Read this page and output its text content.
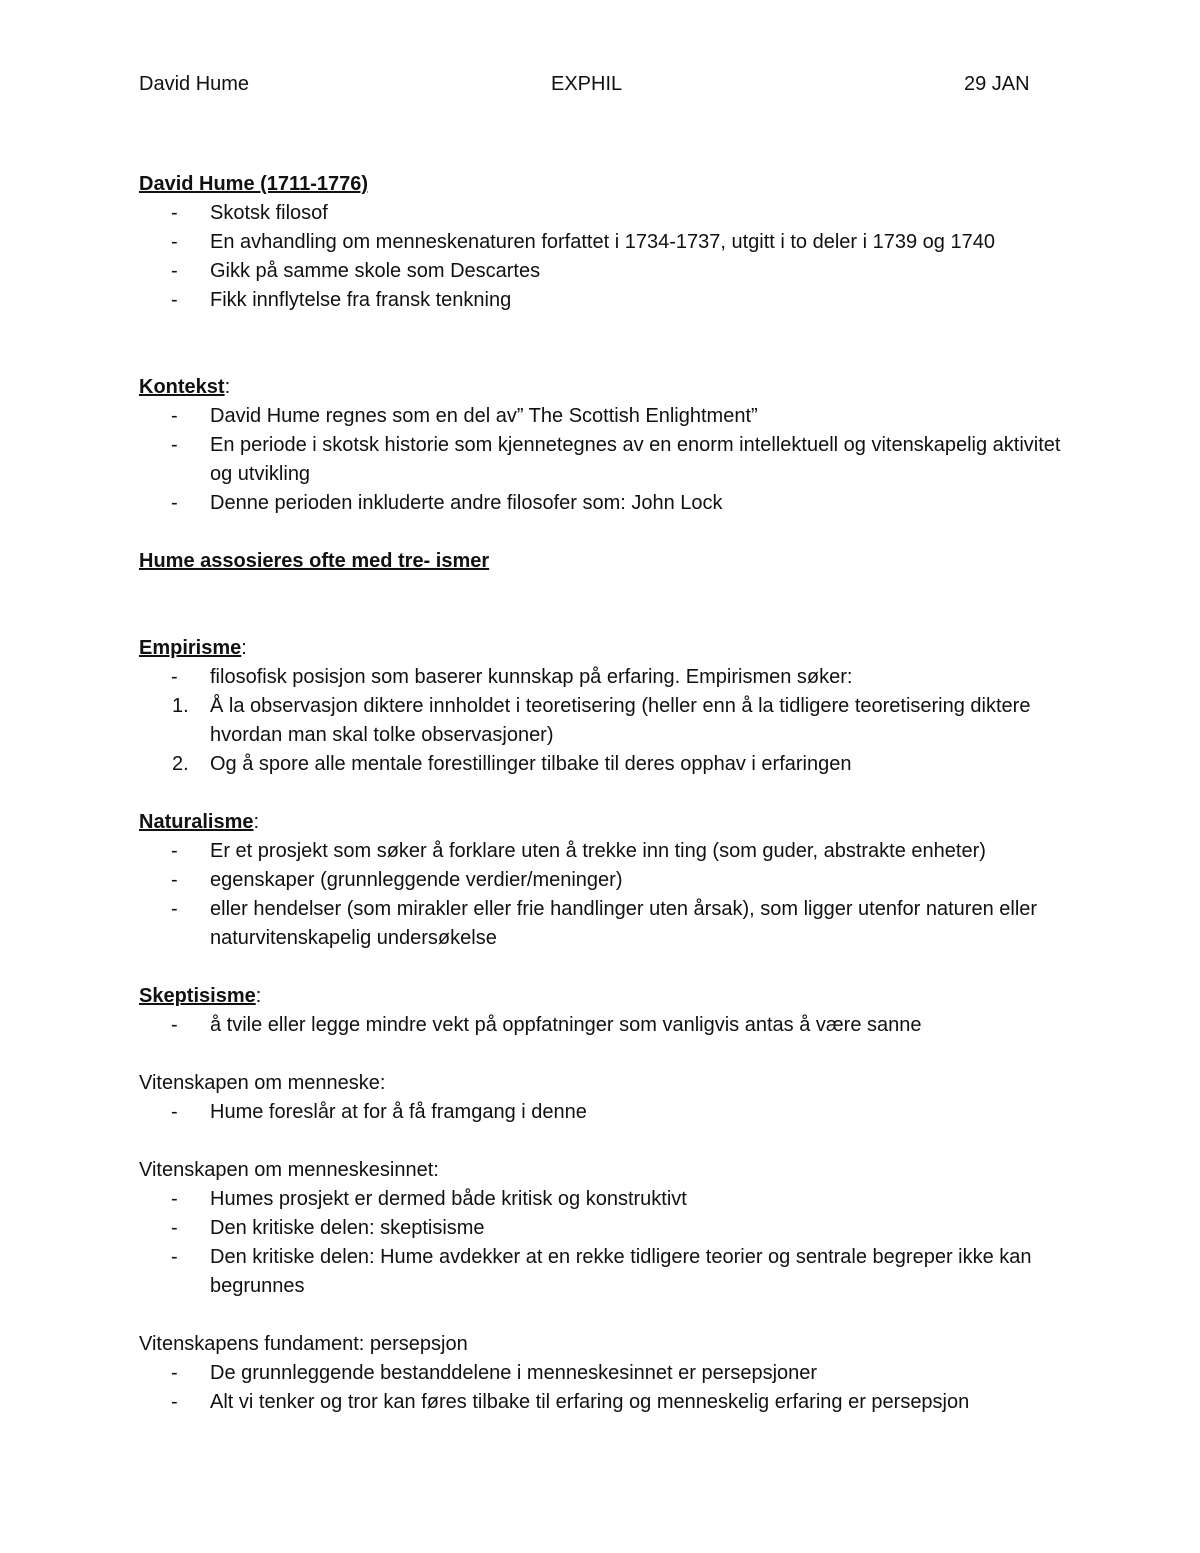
David Hume	EXPHIL	29 JAN
David Hume (1711-1776)
-	Skotsk filosof
-	En avhandling om menneskenaturen forfattet i 1734-1737, utgitt i to deler i 1739 og 1740
-	Gikk på samme skole som Descartes
-	Fikk innflytelse fra fransk tenkning
Kontekst:
-	David Hume regnes som en del av” The Scottish Enlightment”
-	En periode i skotsk historie som kjennetegnes av en enorm intellektuell og vitenskapelig aktivitet og utvikling
-	Denne perioden inkluderte andre filosofer som: John Lock
Hume assosieres ofte med tre- ismer
Empirisme:
-	filosofisk posisjon som baserer kunnskap på erfaring. Empirismen søker:
1.	Å la observasjon diktere innholdet i teoretisering (heller enn å la tidligere teoretisering diktere hvordan man skal tolke observasjoner)
2.	Og å spore alle mentale forestillinger tilbake til deres opphav i erfaringen
Naturalisme:
-	Er et prosjekt som søker å forklare uten å trekke inn ting (som guder, abstrakte enheter)
-	egenskaper (grunnleggende verdier/meninger)
-	eller hendelser (som mirakler eller frie handlinger uten årsak), som ligger utenfor naturen eller naturvitenskapelig undersøkelse
Skeptisisme:
-	å tvile eller legge mindre vekt på oppfatninger som vanligvis antas å være sanne
Vitenskapen om menneske:
-	Hume foreslår at for å få framgang i denne
Vitenskapen om menneskesinnet:
-	Humes prosjekt er dermed både kritisk og konstruktivt
-	Den kritiske delen: skeptisisme
-	Den kritiske delen: Hume avdekker at en rekke tidligere teorier og sentrale begreper ikke kan begrunnes
Vitenskapens fundament: persepsjon
-	De grunnleggende bestanddelene i menneskesinnet er persepsjoner
-	Alt vi tenker og tror kan føres tilbake til erfaring og menneskelig erfaring er persepsjon
